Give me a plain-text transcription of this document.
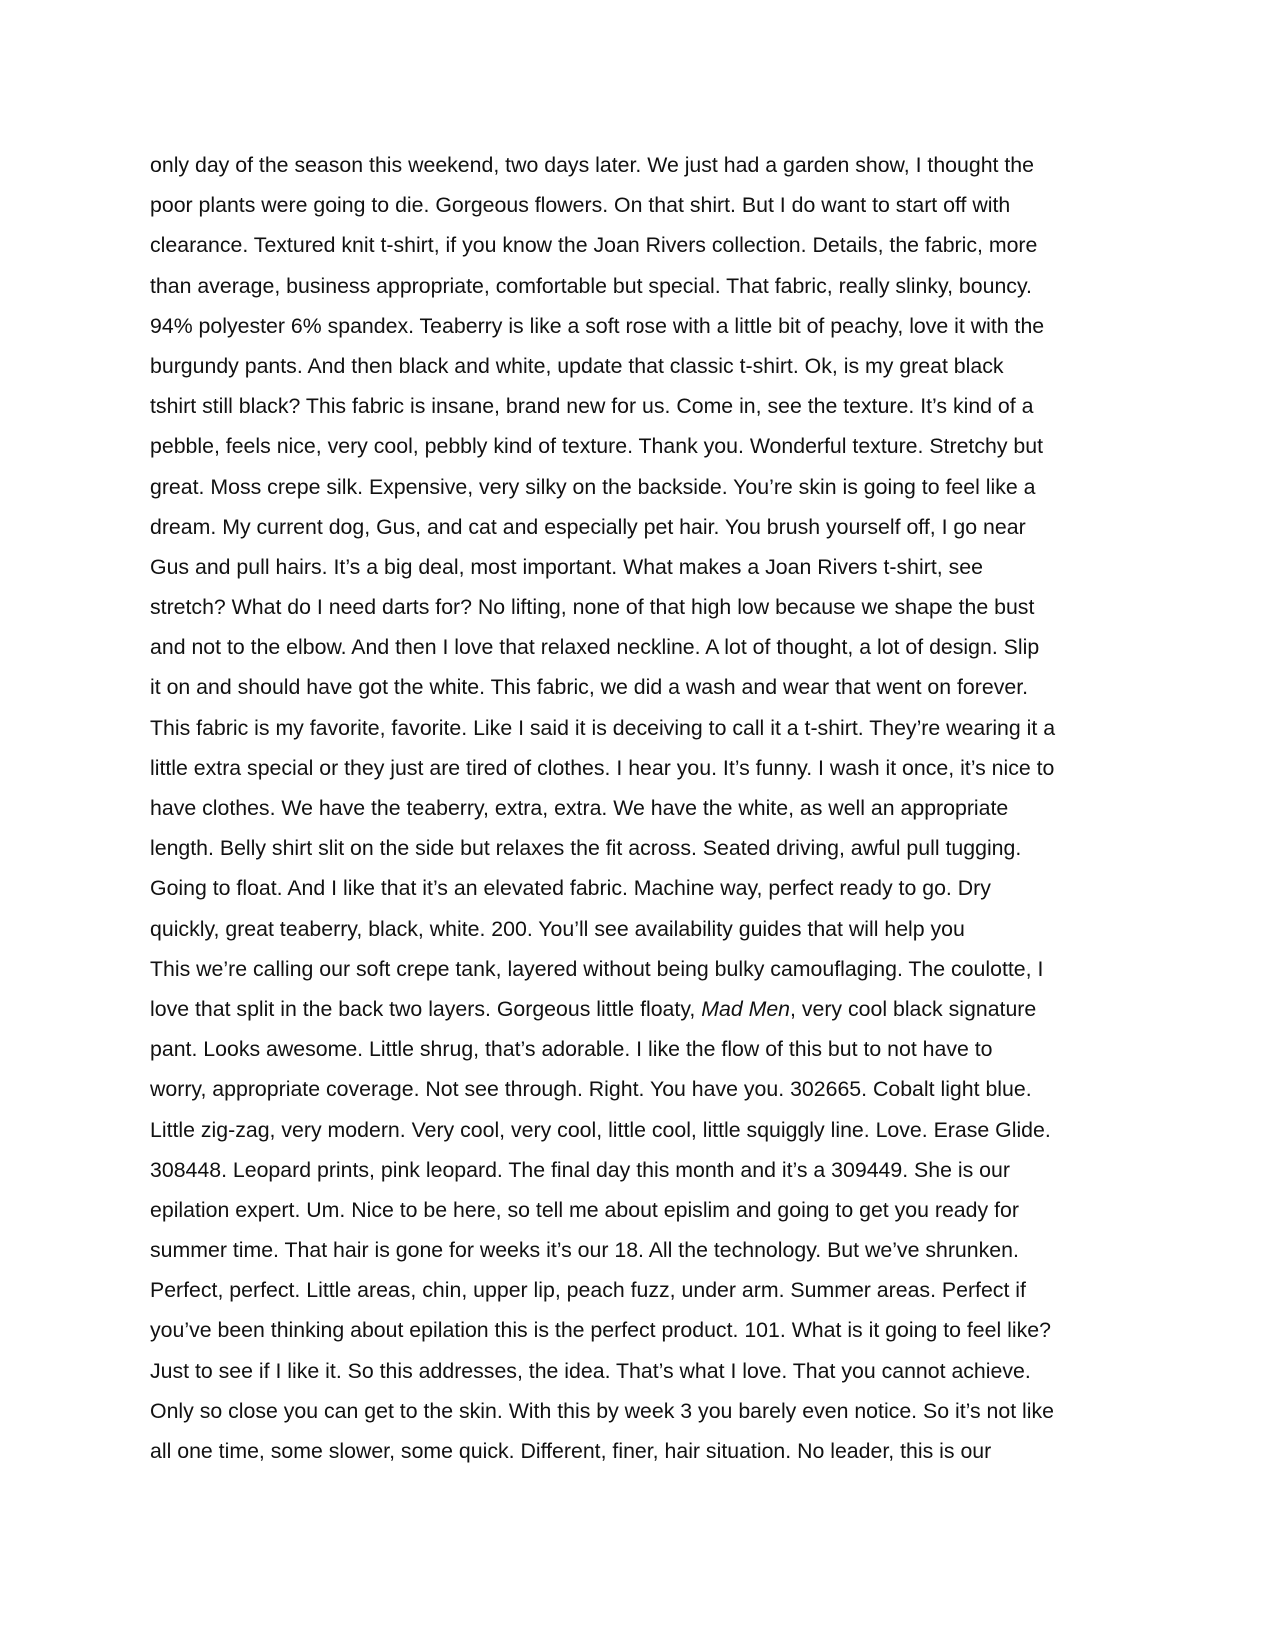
only day of the season this weekend, two days later. We just had a garden show, I thought the
poor plants were going to die. Gorgeous flowers. On that shirt. But I do want to start off with
clearance. Textured knit t-shirt, if you know the Joan Rivers collection. Details, the fabric, more
than average, business appropriate, comfortable but special. That fabric, really slinky, bouncy.
94% polyester 6% spandex. Teaberry is like a soft rose with a little bit of peachy, love it with the
burgundy pants. And then black and white, update that classic t-shirt. Ok, is my great black
tshirt still black? This fabric is insane, brand new for us. Come in, see the texture. It’s kind of a
pebble, feels nice, very cool, pebbly kind of texture. Thank you. Wonderful texture. Stretchy but
great. Moss crepe silk. Expensive, very silky on the backside. You’re skin is going to feel like a
dream. My current dog, Gus, and cat and especially pet hair. You brush yourself off, I go near
Gus and pull hairs. It’s a big deal, most important. What makes a Joan Rivers t-shirt, see
stretch? What do I need darts for? No lifting, none of that high low because we shape the bust
and not to the elbow. And then I love that relaxed neckline. A lot of thought, a lot of design. Slip
it on and should have got the white. This fabric, we did a wash and wear that went on forever.
This fabric is my favorite, favorite. Like I said it is deceiving to call it a t-shirt. They’re wearing it a
little extra special or they just are tired of clothes. I hear you. It’s funny. I wash it once, it’s nice to
have clothes. We have the teaberry, extra, extra. We have the white, as well an appropriate
length. Belly shirt slit on the side but relaxes the fit across. Seated driving, awful pull tugging.
Going to float. And I like that it’s an elevated fabric. Machine way, perfect ready to go. Dry
quickly, great teaberry, black, white. 200. You’ll see availability guides that will help you
This we’re calling our soft crepe tank, layered without being bulky camouflaging. The coulotte, I
love that split in the back two layers. Gorgeous little floaty, Mad Men, very cool black signature
pant. Looks awesome. Little shrug, that’s adorable. I like the flow of this but to not have to
worry, appropriate coverage. Not see through. Right. You have you. 302665. Cobalt light blue.
Little zig-zag, very modern. Very cool, very cool, little cool, little squiggly line. Love. Erase Glide.
308448. Leopard prints, pink leopard. The final day this month and it’s a 309449. She is our
epilation expert. Um. Nice to be here, so tell me about epislim and going to get you ready for
summer time. That hair is gone for weeks it’s our 18. All the technology. But we’ve shrunken.
Perfect, perfect. Little areas, chin, upper lip, peach fuzz, under arm. Summer areas. Perfect if
you’ve been thinking about epilation this is the perfect product. 101. What is it going to feel like?
Just to see if I like it. So this addresses, the idea. That’s what I love. That you cannot achieve.
Only so close you can get to the skin. With this by week 3 you barely even notice. So it’s not like
all one time, some slower, some quick. Different, finer, hair situation. No leader, this is our
